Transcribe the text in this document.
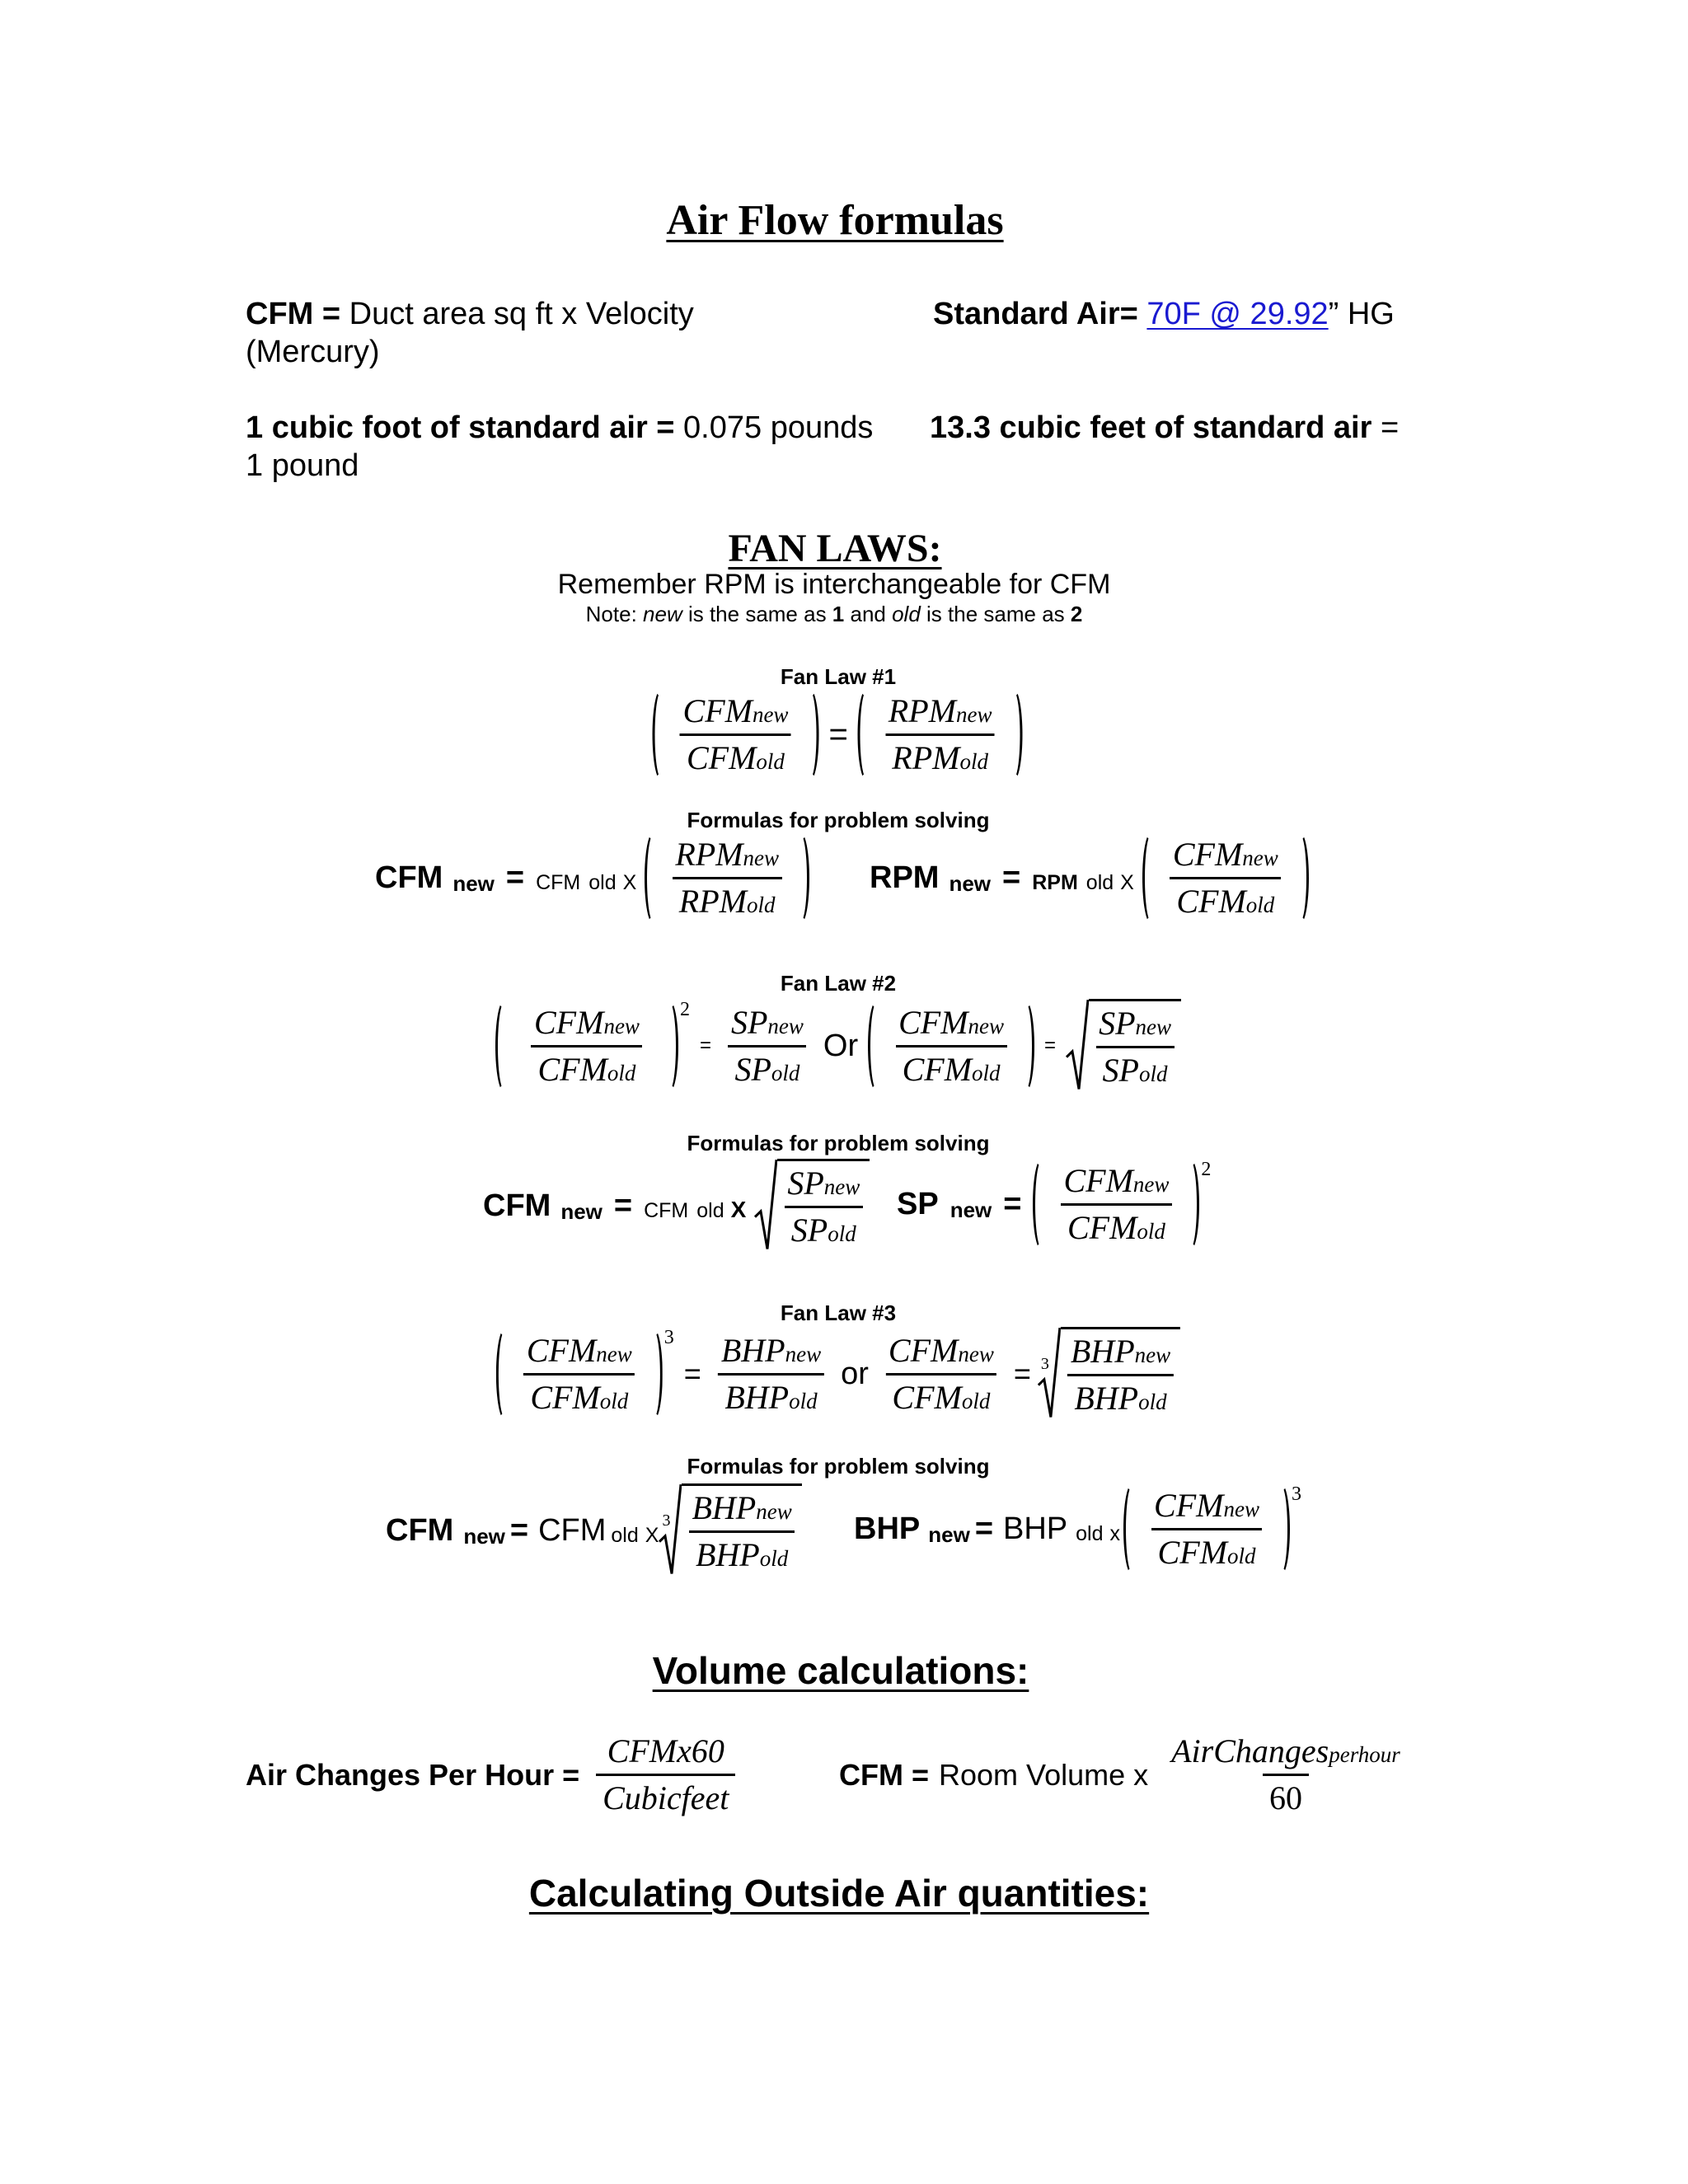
Air Flow formulas
CFM = Duct area sq ft x Velocity	Standard Air= 70F @ 29.92” HG
(Mercury)
1 cubic foot of standard air = 0.075 pounds 13.3 cubic feet of standard air =
1 pound
FAN LAWS:
Remember RPM is interchangeable for CFM
Note: new is the same as 1 and old is the same as 2
Fan Law #1
$\frac{\text{CFMnew}}{\text{CFMold}} = \frac{\text{RPMnew}}{\text{RPMold}}$
Formulas for problem solving
CFM new = CFM old X $\frac{\text{RPMnew}}{\text{RPMold}}$	RPM new = RPM old X $\frac{\text{CFMnew}}{\text{CFMold}}$
Fan Law #2
$\frac{\text{CFMnew}}{\text{CFMold}} 2$
= $\frac{\text{SPnew}}{\text{SPold}}$ Or $\frac{\text{CFMnew}}{\text{CFMold}} = \frac{\text{SPnew}}{\text{SPold}}$
Formulas for problem solving
CFM new = CFM old X $\frac{\text{SPnew}}{\text{SPold}}$ SP new = $\frac{\text{CFMnew}}{\text{CFMold}} 2$
Fan Law #3
$\frac{\text{CFMnew}}{\text{CFMold}} 3$
= $\frac{\text{BHPnew}}{\text{BHPold}}$ or $\frac{\text{CFMnew}}{\text{CFMold}} = 3 \frac{\text{BHPnew}}{\text{BHPold}}$
Formulas for problem solving
CFM new = CFM old X
$3 \frac{\text{BHPnew}}{\text{BHPold}}$ BHP new = BHP old x $\frac{\text{CFMnew}}{\text{CFMold}} 3$
Volume calculations:
Air Changes Per Hour = $\frac{\text{CFMx60}}{\text{Cubicfeet}}$	CFM = Room Volume x $\frac{\text{AirChangesperhour}}{60}$
Calculating Outside Air quantities:
